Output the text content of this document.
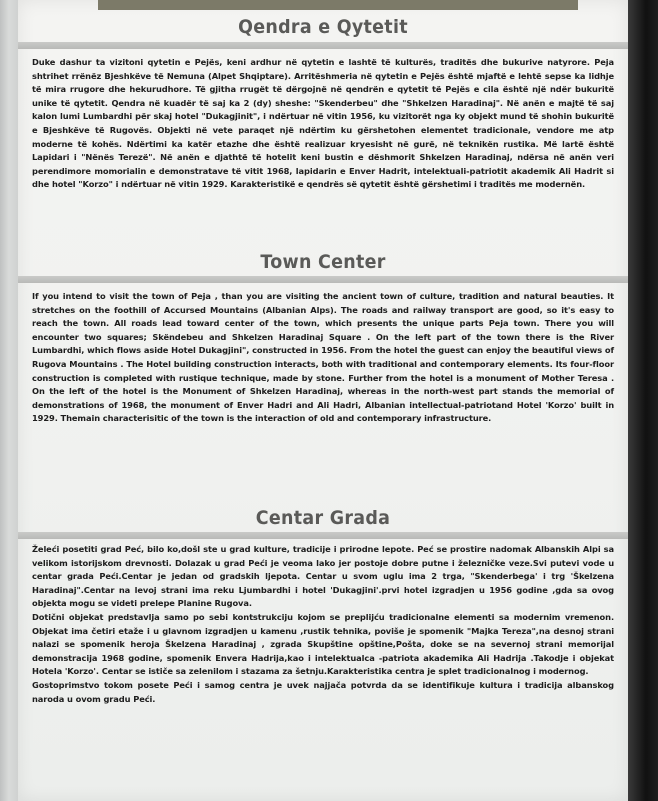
Qendra e Qytetit

Duke dashur ta vizitoni qytetin e Pejës, keni ardhur në qytetin e lashtë të kulturës, traditës dhe bukurive natyrore. Peja shtrihet rrënëz Bjeshkëve të Nemuna (Alpet Shqiptare). Arritëshmeria në qytetin e Pejës është mjaftë e lehtë sepse ka lidhje të mira rrugore dhe hekurudhore. Të gjitha rrugët të dërgojnë në qendrën e qytetit të Pejës e cila është një ndër bukuritë unike të qytetit. Qendra në kuadër të saj ka 2 (dy) sheshe: "Skenderbeu" dhe "Shkelzen Haradinaj". Në anën e majtë të saj kalon lumi Lumbardhi për skaj hotel "Dukagjinit", i ndërtuar në vitin 1956, ku vizitorët nga ky objekt mund të shohin bukuritë e Bjeshkëve të Rugovës. Objekti në vete paraqet një ndërtim ku gërshetohen elementet tradicionale, vendore me atp moderne të kohës. Ndërtimi ka katër etazhe dhe është realizuar kryesisht në gurë, në teknikën rustika. Më lartë është Lapidari i "Nënës Terezë". Në anën e djathtë të hotelit keni bustin e dëshmorit Shkelzen Haradinaj, ndërsa në anën veri perendimore momorialin e demonstratave të vitit 1968, lapidarin e Enver Hadrit, intelektuali-patriotit akademik Ali Hadrit si dhe hotel "Korzo" i ndërtuar në vitin 1929. Karakteristikë e qendrës së qytetit është gërshetimi i traditës me modernën.

Town Center

If you intend to visit the town of Peja , than you are visiting the ancient town of culture, tradition and natural beauties. It stretches on the foothill of Accursed Mountains (Albanian Alps). The roads and railway transport are good, so it's easy to reach the town. All roads lead toward center of the town, which presents the unique parts Peja town. There you will encounter two squares; Skëndebeu and Shkelzen Haradinaj Square . On the left part of the town there is the River Lumbardhi, which flows aside Hotel Dukagjini", constructed in 1956. From the hotel the guest can enjoy the beautiful views of Rugova Mountains . The Hotel building construction interacts, both with traditional and contemporary elements. Its four-floor construction is completed with rustique technique, made by stone. Further from the hotel is a monument of Mother Teresa . On the left of the hotel is the Monument of Shkelzen Haradinaj, whereas in the north-west part stands the memorial of demonstrations of 1968, the monument of Enver Hadri and Ali Hadri, Albanian intellectual-patriotand Hotel 'Korzo' built in 1929. Themain characterisitic of the town is the interaction of old and contemporary infrastructure.

Centar Grada

Želeći posetiti grad Peć, bilo ko,došl ste u grad kulture, tradicije i prirodne lepote. Peć se prostire nadomak Albanskih Alpi sa velikom istorijskom drevnosti. Dolazak u grad Peći je veoma lako jer postoje dobre putne i železničke veze.Svi putevi vode u centar grada Peći.Centar je jedan od gradskih ljepota. Centar u svom uglu ima 2 trga, "Skenderbega' i trg 'Škelzena Haradinaj".Centar na levoj strani ima reku Ljumbardhi i hotel 'Dukagjini'.prvi hotel izgradjen u 1956 godine ,gda sa ovog objekta mogu se videti prelepe Planine Rugova.

Dotični objekat predstavlja samo po sebi kontstrukciju kojom se preplijću tradicionalne elementi sa modernim vremenon. Objekat ima četiri etaže i u glavnom izgradjen u kamenu ,rustik tehnika, poviše je spomenik "Majka Tereza",na desnoj strani nalazi se spomenik heroja Škelzena Haradinaj , zgrada Skupštine opštine,Pošta, doke se na severnoj strani memorijal demonstracija 1968 godine, spomenik Envera Hadrija,kao i intelektualca -patriota akademika Ali Hadrija .Takodje i objekat Hotela 'Korzo'. Centar se ističe sa zelenilom i stazama za šetnju.Karakteristika centra je splet tradicionalnog i modernog.

Gostoprimstvo tokom posete Peći i samog centra je uvek najjača potvrda da se identifikuje kultura i tradicija albanskog naroda u ovom gradu Peći.
